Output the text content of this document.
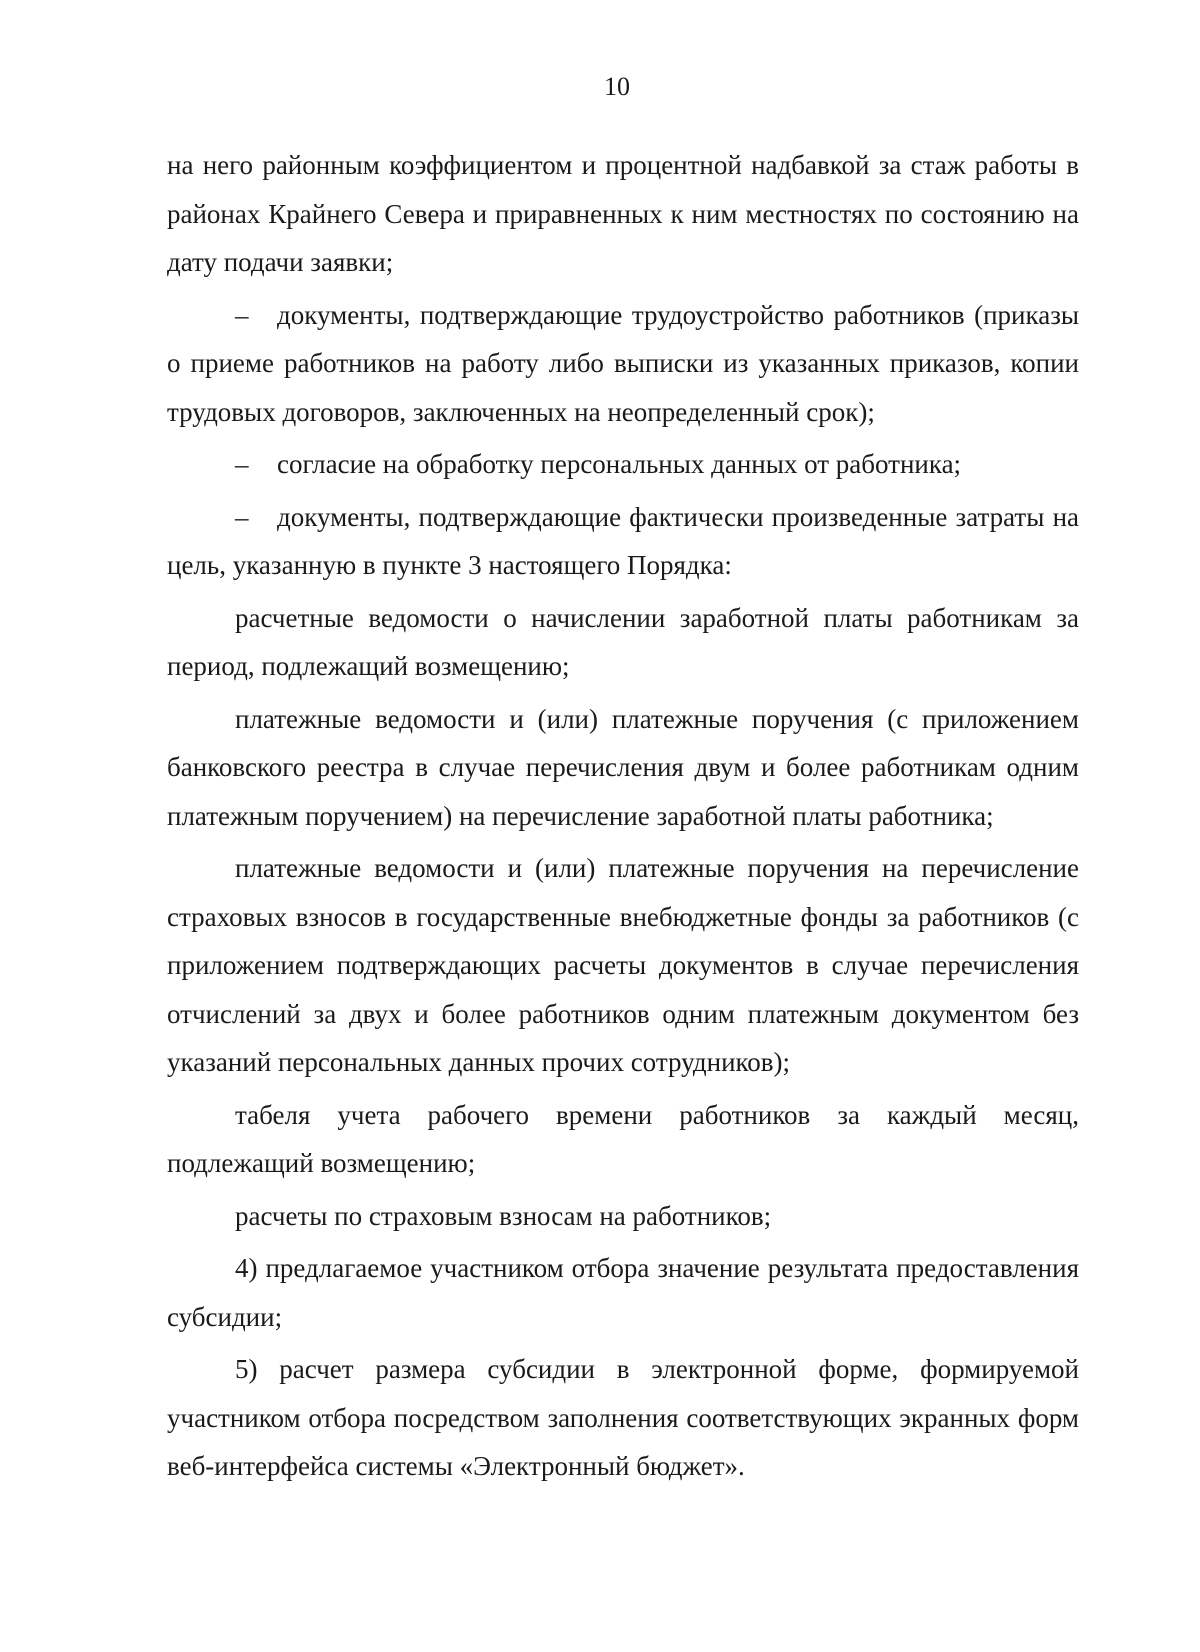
10

на него районным коэффициентом и процентной надбавкой за стаж работы в районах Крайнего Севера и приравненных к ним местностях по состоянию на дату подачи заявки;

– документы, подтверждающие трудоустройство работников (приказы о приеме работников на работу либо выписки из указанных приказов, копии трудовых договоров, заключенных на неопределенный срок);

– согласие на обработку персональных данных от работника;

– документы, подтверждающие фактически произведенные затраты на цель, указанную в пункте 3 настоящего Порядка:

расчетные ведомости о начислении заработной платы работникам за период, подлежащий возмещению;

платежные ведомости и (или) платежные поручения (с приложением банковского реестра в случае перечисления двум и более работникам одним платежным поручением) на перечисление заработной платы работника;

платежные ведомости и (или) платежные поручения на перечисление страховых взносов в государственные внебюджетные фонды за работников (с приложением подтверждающих расчеты документов в случае перечисления отчислений за двух и более работников одним платежным документом без указаний персональных данных прочих сотрудников);

табеля учета рабочего времени работников за каждый месяц, подлежащий возмещению;

расчеты по страховым взносам на работников;

4) предлагаемое участником отбора значение результата предоставления субсидии;

5) расчет размера субсидии в электронной форме, формируемой участником отбора посредством заполнения соответствующих экранных форм веб-интерфейса системы «Электронный бюджет».
